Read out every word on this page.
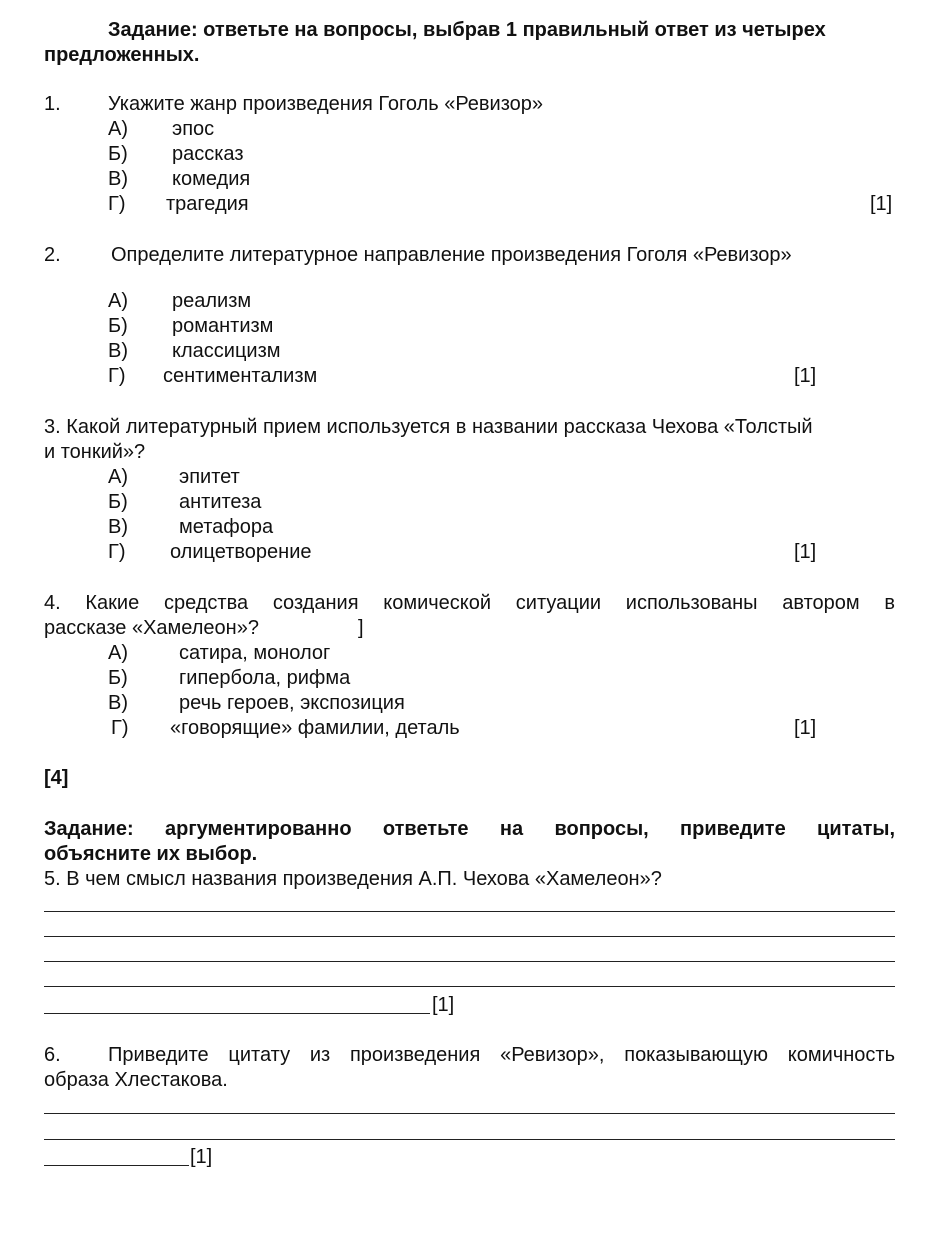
Задание: ответьте на вопросы, выбрав 1 правильный ответ из четырех
предложенных.
1. Укажите жанр произведения Гоголь «Ревизор»
А) эпос
Б) рассказ
В) комедия
Г) трагедия	[1]
2.	Определите литературное направление произведения Гоголя «Ревизор»
А) реализм
Б) романтизм
В) классицизм
Г) сентиментализм	[1]
3. Какой литературный прием используется в названии рассказа Чехова «Толстый
и тонкий»?
А)	эпитет
Б)	антитеза
В)	метафора
Г) олицетворение	[1]
4. Какие средства создания комической ситуации использованы автором в
рассказе «Хамелеон»?	]
А)	сатира, монолог
Б)	гипербола, рифма
В)	речь героев, экспозиция
Г) «говорящие» фамилии, деталь	[1]
[4]
Задание: аргументированно ответьте на вопросы, приведите цитаты,
объясните их выбор.
5. В чем смысл названия произведения А.П. Чехова «Хамелеон»?
[1]
6. Приведите цитату из произведения «Ревизор», показывающую комичность
образа Хлестакова.
[1]
